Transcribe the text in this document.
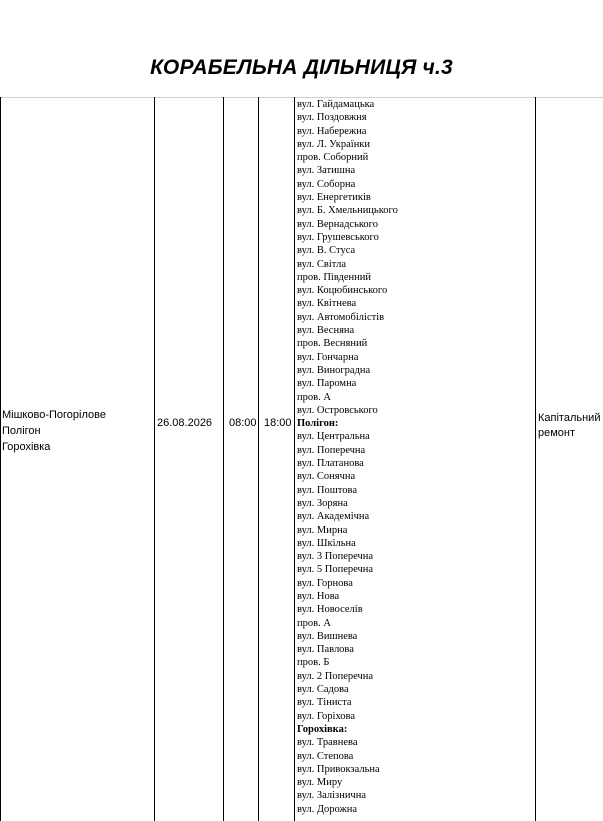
КОРАБЕЛЬНА ДІЛЬНИЦЯ ч.3
Мішково-Погорілове
Полігон
Горохівка
26.08.2026 08:00 18:00
вул. Гайдамацька
вул. Поздовжня
вул. Набережна
вул. Л. Українки
пров. Соборний
вул. Затишна
вул. Соборна
вул. Енергетиків
вул. Б. Хмельницького
вул. Вернадського
вул. Грушевського
вул. В. Стуса
вул. Світла
пров. Південний
вул. Коцюбинського
вул. Квітнева
вул. Автомобілістів
вул. Весняна
пров. Весняний
вул. Гончарна
вул. Виноградна
вул. Паромна
пров. А
вул. Островського
Полігон:
вул. Центральна
вул. Поперечна
вул. Платанова
вул. Сонячна
вул. Поштова
вул. Зоряна
вул. Академічна
вул. Мирна
вул. Шкільна
вул. 3 Поперечна
вул. 5 Поперечна
вул. Горнова
вул. Нова
вул. Новоселів
пров. А
вул. Вишнева
вул. Павлова
пров. Б
вул. 2 Поперечна
вул. Садова
вул. Тіниста
вул. Горіхова
Горохівка:
вул. Травнева
вул. Степова
вул. Привокзальна
вул. Миру
вул. Залізнична
вул. Дорожна
Капітальний ремонт
